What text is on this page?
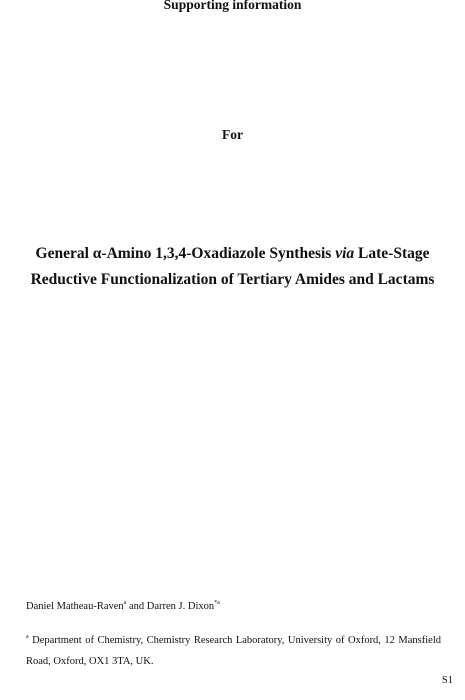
Supporting information
For
General α-Amino 1,3,4-Oxadiazole Synthesis via Late-Stage
Reductive Functionalization of Tertiary Amides and Lactams
Daniel Matheau-Raven$^a$ and Darren J. Dixon$^{*a}$
$^a$ Department of Chemistry, Chemistry Research Laboratory, University of Oxford, 12 Mansfield Road, Oxford, OX1 3TA, UK.
S1
